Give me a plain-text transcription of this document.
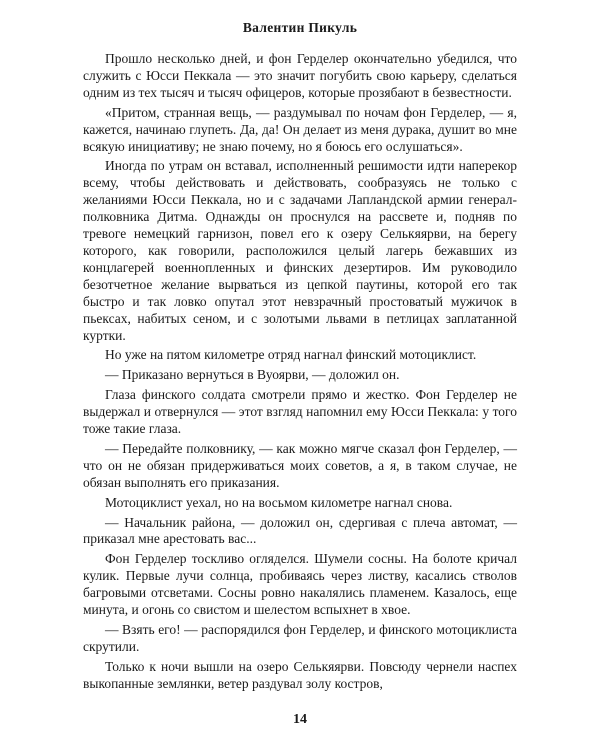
Валентин Пикуль

Прошло несколько дней, и фон Герделер окончательно убедился, что служить с Юсси Пеккала — это значит погубить свою карьеру, сделаться одним из тех тысяч и тысяч офицеров, которые прозябают в безвестности.

«Притом, странная вещь, — раздумывал по ночам фон Герделер, — я, кажется, начинаю глупеть. Да, да! Он делает из меня дурака, душит во мне всякую инициативу; не знаю почему, но я боюсь его ослушаться».

Иногда по утрам он вставал, исполненный решимости идти наперекор всему, чтобы действовать и действовать, сообразуясь не только с желаниями Юсси Пеккала, но и с задачами Лапландской армии генерал-полковника Дитма. Однажды он проснулся на рассвете и, подняв по тревоге немецкий гарнизон, повел его к озеру Селькяярви, на берегу которого, как говорили, расположился целый лагерь бежавших из концлагерей военнопленных и финских дезертиров. Им руководило безотчетное желание вырваться из цепкой паутины, которой его так быстро и так ловко опутал этот невзрачный простоватый мужичок в пьексах, набитых сеном, и с золотыми львами в петлицах заплатанной куртки.

Но уже на пятом километре отряд нагнал финский мотоциклист.

— Приказано вернуться в Вуоярви, — доложил он.

Глаза финского солдата смотрели прямо и жестко. Фон Герделер не выдержал и отвернулся — этот взгляд напомнил ему Юсси Пеккала: у того тоже такие глаза.

— Передайте полковнику, — как можно мягче сказал фон Герделер, — что он не обязан придерживаться моих советов, а я, в таком случае, не обязан выполнять его приказания.

Мотоциклист уехал, но на восьмом километре нагнал снова.

— Начальник района, — доложил он, сдергивая с плеча автомат, — приказал мне арестовать вас...

Фон Герделер тоскливо огляделся. Шумели сосны. На болоте кричал кулик. Первые лучи солнца, пробиваясь через листву, касались стволов багровыми отсветами. Сосны ровно накалялись пламенем. Казалось, еще минута, и огонь со свистом и шелестом вспыхнет в хвое.

— Взять его! — распорядился фон Герделер, и финского мотоциклиста скрутили.

Только к ночи вышли на озеро Селькяярви. Повсюду чернели наспех выкопанные землянки, ветер раздувал золу костров,

14
